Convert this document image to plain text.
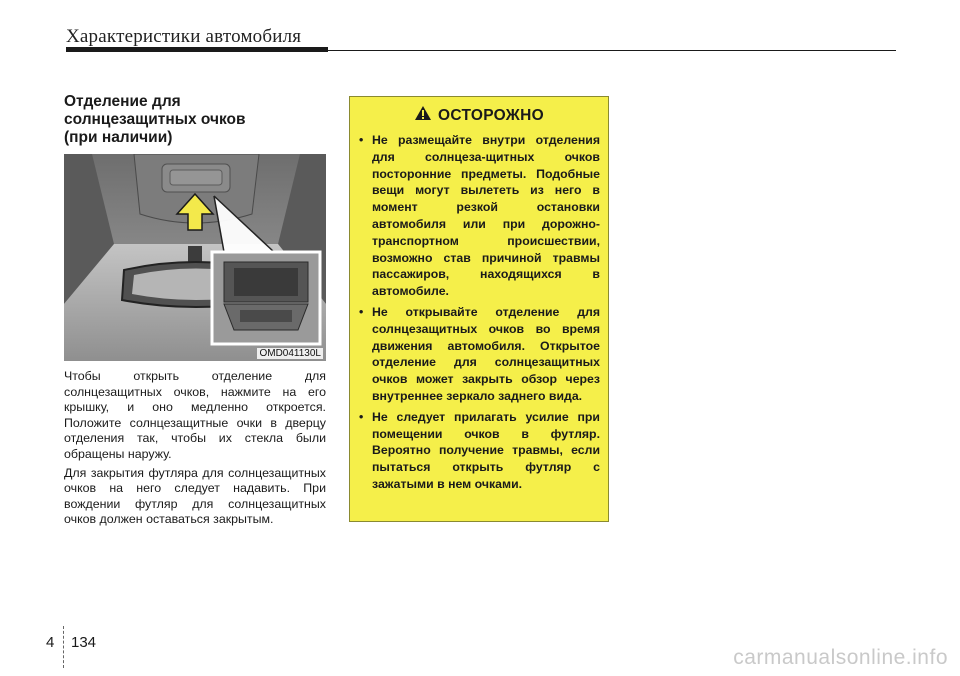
Характеристики автомобиля
Отделение для
солнцезащитных очков
(при наличии)
OMD041130L

Чтобы открыть отделение для солнцезащитных очков, нажмите на его крышку, и оно медленно откроется. Положите солнцезащитные очки в дверцу отделения так, чтобы их стекла были обращены наружу.

Для закрытия футляра для солнцезащитных очков на него следует надавить. При вождении футляр для солнцезащитных очков должен оставаться закрытым.

ОСТОРОЖНО
• Не размещайте внутри отделения для солнцеза-щитных очков посторонние предметы. Подобные вещи могут вылететь из него в момент резкой остановки автомобиля или при дорожно-транспортном происшествии, возможно став причиной травмы пассажиров, находящихся в автомобиле.
• Не открывайте отделение для солнцезащитных очков во время движения автомобиля. Открытое отделение для солнцезащитных очков может закрыть обзор через внутреннее зеркало заднего вида.
• Не следует прилагать усилие при помещении очков в футляр. Вероятно получение травмы, если пытаться открыть футляр с зажатыми в нем очками.
4 134
carmanualsonline.info
